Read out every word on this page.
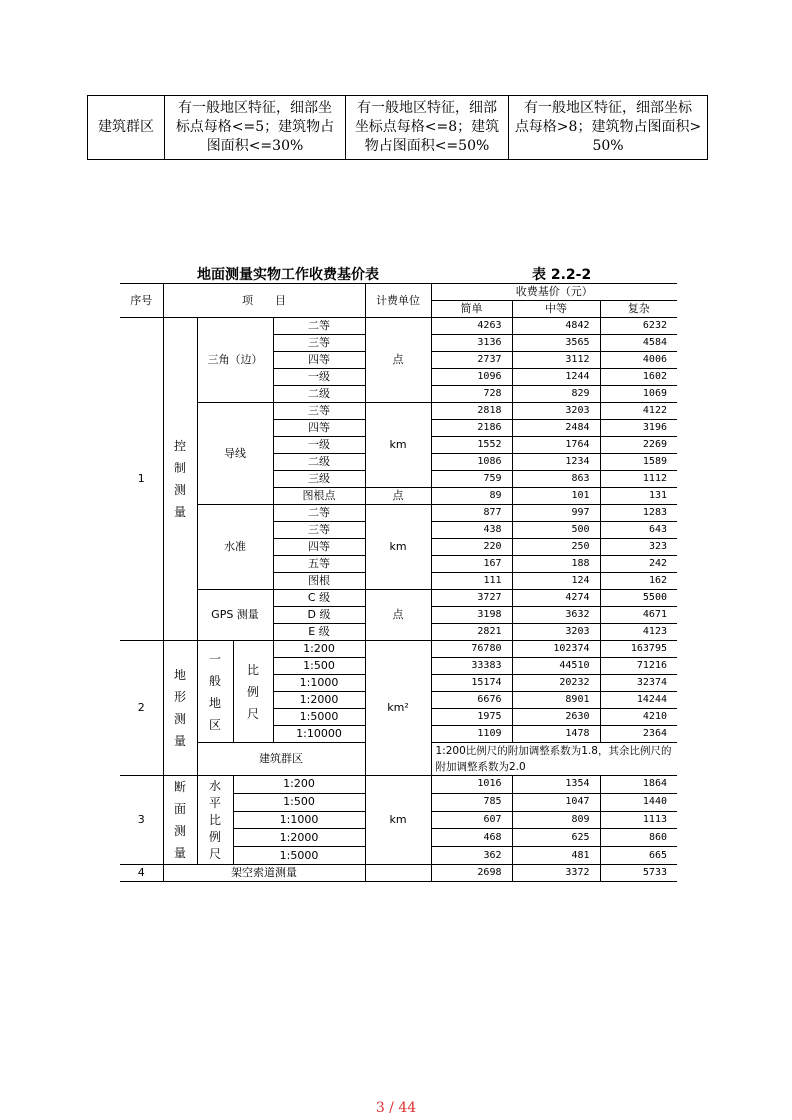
建筑群区	
有一般地区特征，细部坐
标点每格<=5；建筑物占
图面积<=30%

有一般地区特征，细部
坐标点每格<=8；建筑
物占图面积<=50%

有一般地区特征，细部坐标
点每格>8；建筑物占图面积>
50%
地面测量实物工作收费基价表	表 2.2-2
序号	项　　目				计费单位	收费基价（元）		
						简单	中等	复杂
1	控制测量	三角（边）		二等	点	4263	4842	6232
				三等		3136	3565	4584
				四等		2737	3112	4006
				一级		1096	1244	1602
				二级		728	829	1069
		导线		三等	km	2818	3203	4122
				四等		2186	2484	3196
				一级		1552	1764	2269
				二级		1086	1234	1589
				三级		759	863	1112
				图根点	点	89	101	131
		水准		二等	km	877	997	1283
				三等		438	500	643
				四等		220	250	323
				五等		167	188	242
				图根		111	124	162
		GPS 测量		C 级	点	3727	4274	5500
				D 级		3198	3632	4671
				E 级		2821	3203	4123
2	地形测量	一般地区	比例尺	1:200	km²	76780	102374	163795
				1:500		33383	44510	71216
				1:1000		15174	20232	32374
				1:2000		6676	8901	14244
				1:5000		1975	2630	4210
				1:10000		1109	1478	2364
		建筑群区				1:200比例尺的附加调整系数为1.8，其余比例尺的附加调整系数为2.0		

3	断面测量	水平比例尺	1:200		km	1016	1354	1864
			1:500			785	1047	1440
			1:1000			607	809	1113
			1:2000			468	625	860
			1:5000			362	481	665
4	架空索道测量					2698	3372	5733
3 / 44
